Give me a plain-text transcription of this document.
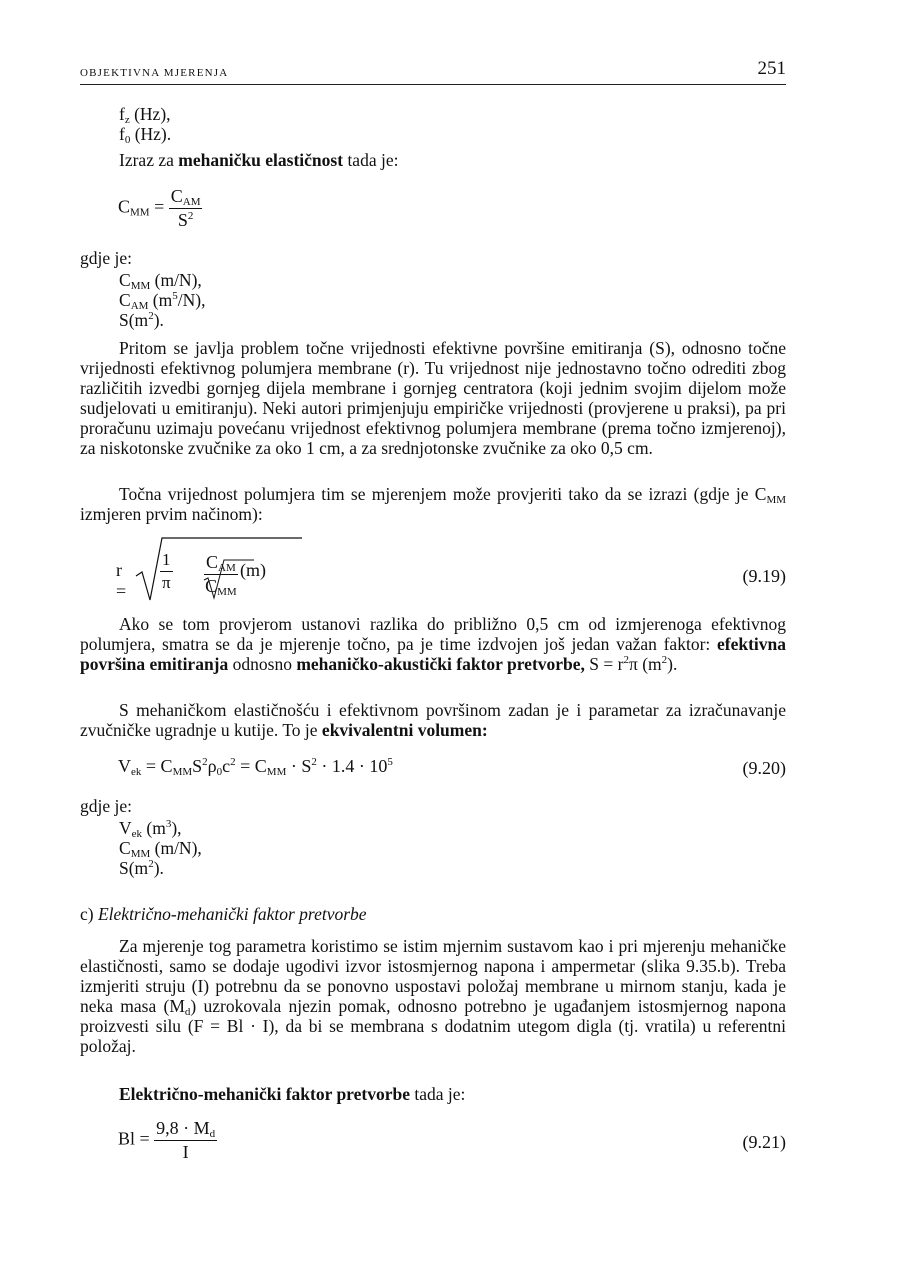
OBJEKTIVNA MJERENJA	251
$f_z$ (Hz),
$f_0$ (Hz).
Izraz za mehaničku elastičnost tada je:
$C_{MM} = \frac{C_{AM}}{S^2}$
gdje je:
$C_{MM}$ (m/N),
$C_{AM}$ $(m^5/N)$,
$S(m^2)$.
Pritom se javlja problem točne vrijednosti efektivne površine emitiranja (S), odnosno točne vrijednosti efektivnog polumjera membrane (r). Tu vrijednost nije jednostavno točno odrediti zbog različitih izvedbi gornjeg dijela membrane i gornjeg centratora (koji jednim svojim dijelom može sudjelovati u emitiranju). Neki autori primjenjuju empiričke vrijednosti (provjerene u praksi), pa pri proračunu uzimaju povećanu vrijednost efektivnog polumjera membrane (prema točno izmjerenoj), za niskotonske zvučnike za oko 1 cm, a za srednjotonske zvučnike za oko 0,5 cm.
Točna vrijednost polumjera tim se mjerenjem može provjeriti tako da se izrazi (gdje je $C_{MM}$ izmjeren prvim načinom):
$r = \frac{1}{\pi} C_{AM}$
$C_{MM}$
(m)	(9.19)
Ako se tom provjerom ustanovi razlika do približno 0,5 cm od izmjerenoga efektivnog polumjera, smatra se da je mjerenje točno, pa je time izdvojen još jedan važan faktor: efektivna površina emitiranja odnosno mehaničko-akustički faktor pretvorbe, $S = r^2\pi$ $(m^2)$.
S mehaničkom elastičnošću i efektivnom površinom zadan je i parametar za izračunavanje zvučničke ugradnje u kutije. To je ekvivalentni volumen:
$V_{ek} = C_{MM}S^2\rho_0c^2 = C_{MM} \cdot S^2 \cdot 1.4 \cdot 10^5$	(9.20)
gdje je:
$V_{ek}$ $(m^3)$,
$C_{MM}$ (m/N),
$S(m^2)$.
c) Električno-mehanički faktor pretvorbe
Za mjerenje tog parametra koristimo se istim mjernim sustavom kao i pri mjerenju mehaničke elastičnosti, samo se dodaje ugodivi izvor istosmjernog napona i ampermetar (slika 9.35.b). Treba izmjeriti struju (I) potrebnu da se ponovno uspostavi položaj membrane u mirnom stanju, kada je neka masa $(M_d)$ uzrokovala njezin pomak, odnosno potrebno je ugađanjem istosmjernog napona proizvesti silu (F = Bl · I), da bi se membrana s dodatnim utegom digla (tj. vratila) u referentni položaj.
Električno-mehanički faktor pretvorbe tada je:
$Bl = \frac{9,8 \cdot M_d}{I}$	(9.21)
